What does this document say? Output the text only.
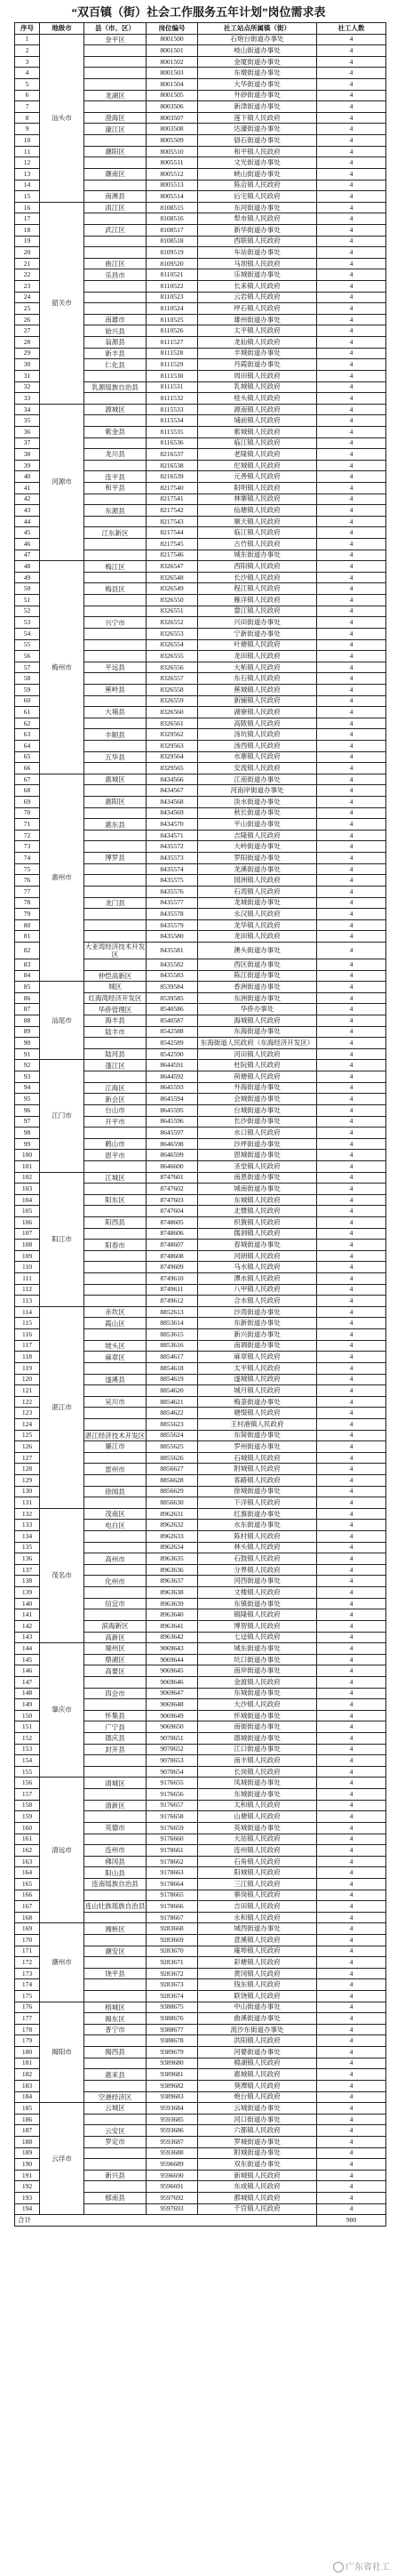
“双百镇（街）社会工作服务五年计划”岗位需求表
序号	地级市	县（市、区）	岗位编号	社工站点所属镇（街）	社工人数
1	汕头市	金平区	8001500	石炮台街道办事处	4
2			8001501	岐山街道办事处	4
3			8001502	金厦街道办事处	4
4			8001503	东墩街道办事处	4
5			8001504	大华街道办事处	4
6		龙湖区	8001505	外砂街道办事处	4
7			8003506	新津街道办事处	4
8		澄海区	8003507	莲下镇人民政府	4
9		濠江区	8003508	达濠街道办事处	4
10			8005509	礐石街道办事处	4
11		潮阳区	8005510	和平镇人民政府	4
12			8005511	文光街道办事处	4
13		潮南区	8005512	峡山街道办事处	4
14			8005513	陈店镇人民政府	4
15		南澳县	8005514	后宅镇人民政府	4
16	韶关市	浈江区	8108515	东河街道办事处	4
17			8108516	犁市镇人民政府	4
18		武江区	8108517	新华街道办事处	4
19			8108518	西联镇人民政府	4
20			8109519	车站街道办事处	4
21		曲江区	8109520	马坝镇人民政府	4
22		乐昌市	8110521	乐城街道办事处	4
23			8110522	长来镇人民政府	4
24			8110523	云岩镇人民政府	4
25			8110524	坪石镇人民政府	4
26		南雄市	8110525	雄州街道办事处	4
27		始兴县	8110526	太平镇人民政府	4
28		翁源县	8111527	龙仙镇人民政府	4
29		新丰县	8111528	丰城街道办事处	4
30		仁化县	8111529	丹霞街道办事处	4
31			8111530	周田镇人民政府	4
32		乳源瑶族自治县	8111531	乳城镇人民政府	4
33			8111532	桂头镇人民政府	4
34	河源市	源城区	8115533	源南镇人民政府	4
35			8115534	埔前镇人民政府	4
36		紫金县	8115535	紫城镇人民政府	4
37			8116536	临江镇人民政府	4
38		龙川县	8216537	老隆镇人民政府	4
39			8216538	佗城镇人民政府	4
40		连平县	8216539	元善镇人民政府	4
41		和平县	8217540	阳明镇人民政府	4
42			8217541	林寨镇人民政府	4
43		东源县	8217542	仙塘镇人民政府	4
44			8217543	顺天镇人民政府	4
45		江东新区	8217544	临江镇人民政府	4
46			8217545	古竹镇人民政府	4
47			8217546	城东街道办事处	4
48	梅州市	梅江区	8326547	西阳镇人民政府	4
49			8326548	长沙镇人民政府	4
50		梅县区	8326549	程江镇人民政府	4
51			8326550	雁洋镇人民政府	4
52			8326551	畲江镇人民政府	4
53		兴宁市	8326552	兴田街道办事处	4
54			8326553	宁新街道办事处	4
55			8326554	叶塘镇人民政府	4
56			8326555	龙田镇人民政府	4
57		平远县	8326556	大柘镇人民政府	4
58			8326557	东石镇人民政府	4
59		蕉岭县	8326558	蕉城镇人民政府	4
60			8326559	新铺镇人民政府	4
61		大埔县	8326560	湖寮镇人民政府	4
62			8326561	高陂镇人民政府	4
63		丰顺县	8329562	汤坑镇人民政府	4
64			8329563	汤西镇人民政府	4
65		五华县	8329564	水寨镇人民政府	4
66			8329565	安流镇人民政府	4
67	惠州市	惠城区	8434566	江南街道办事处	4
68			8434567	河南岸街道办事处	4
69		惠阳区	8434568	淡水街道办事处	4
70			8434569	秋长街道办事处	4
71		惠东县	8434570	平山街道办事处	4
72			8434571	吉隆镇人民政府	4
73			8435572	大岭街道办事处	4
74		博罗县	8435573	罗阳街道办事处	4
75			8435574	龙溪街道办事处	4
76			8435575	园洲镇人民政府	4
77			8435576	石湾镇人民政府	4
78		龙门县	8435577	龙城街道办事处	4
79			8435578	永汉镇人民政府	4
80			8435579	龙华镇人民政府	4
81			8435580	龙田镇人民政府	4
82		大亚湾经济技术开发区	8435581	澳头街道办事处	4
83			8435582	西区街道办事处	4
84		仲恺高新区	8435583	陈江街道办事处	4
85	汕尾市	城区	8539584	香洲街道办事处	4
86		红海湾经济开发区	8539585	东洲街道办事处	4
87		华侨管理区	8540586	华侨办事处	4
88		海丰县	8540587	海城镇人民政府	4
89		陆丰市	8542588	东海街道办事处	4
90			8542589	东海街道人民政府（东海经济开发区）	4
91		陆河县	8542590	河田镇人民政府	4
92	江门市	蓬江区	8644591	杜阮镇人民政府	4
93			8644592	荷塘镇人民政府	4
94		江海区	8645593	外海街道办事处	4
95		新会区	8645594	会城街道办事处	4
96		台山市	8645595	台城街道办事处	4
97		开平市	8645596	长沙街道办事处	4
98			8645597	水口镇人民政府	4
99		鹤山市	8646598	沙坪街道办事处	4
100		恩平市	8646599	恩城街道办事处	4
101			8646600	圣堂镇人民政府	4
102	阳江市	江城区	8747601	南恩街道办事处	4
103			8747602	城南街道办事处	4
104		阳东区	8747603	东城镇人民政府	4
105			8747604	北惯镇人民政府	4
106		阳西县	8748605	织篢镇人民政府	4
107			8748606	儒洞镇人民政府	4
108		阳春市	8748607	春城街道办事处	4
109			8748608	河朗镇人民政府	4
110			8749609	马水镇人民政府	4
111			8749610	潭水镇人民政府	4
112			8749611	八甲镇人民政府	4
113			8749612	合水镇人民政府	4
114	湛江市	赤坎区	8852613	沙湾街道办事处	4
115		霞山区	8853614	东新街道办事处	4
116			8853615	新兴街道办事处	4
117		坡头区	8853616	南调街道办事处	4
118		麻章区	8854617	麻章镇人民政府	4
119			8854618	太平镇人民政府	4
120		遂溪县	8854619	遂城镇人民政府	4
121			8854620	城月镇人民政府	4
122		吴川市	8854621	梅菉街道办事处	4
123			8854622	塘缀镇人民政府	4
124			8855623	王村港镇人民政府	4
125		湛江经济技术开发区	8855624	东简街道办事处	4
126		廉江市	8855625	罗州街道办事处	4
127			8855626	石城镇人民政府	4
128		雷州市	8856627	附城镇人民政府	4
129			8856628	客路镇人民政府	4
130		徐闻县	8856629	徐城街道办事处	4
131			8856630	下洋镇人民政府	4
132	茂名市	茂南区	8962631	红旗街道办事处	4
133		电白区	8962632	水东街道办事处	4
134			8962633	陈村镇人民政府	4
135			8962634	林头镇人民政府	4
136		高州市	8963635	石鼓镇人民政府	4
137			8963636	分界镇人民政府	4
138		化州市	8963637	河西街道办事处	4
139			8963638	文楼镇人民政府	4
140		信宜市	8963639	东镇街道办事处	4
141			8963640	镇隆镇人民政府	4
142		滨海新区	8963641	博贺镇人民政府	4
143		高新区	8963642	七迳镇人民政府	4
144	肇庆市	端州区	9069643	城东街道办事处	4
145		鼎湖区	9069644	坑口街道办事处	4
146		高要区	9069645	南岸街道办事处	4
147			9069646	金渡镇人民政府	4
148		四会市	9069647	东城街道办事处	4
149			9069648	大沙镇人民政府	4
150		怀集县	9069649	怀城街道办事处	4
151		广宁县	9069650	南街街道办事处	4
152		德庆县	9070651	德城街道办事处	4
153		封开县	9070652	江口街道办事处	4
154			9070653	南丰镇人民政府	4
155			9070654	长岗镇人民政府	4
156	清远市	清城区	9176655	凤城街道办事处	4
157			9176656	东城街道办事处	4
158		清新区	9176657	太和镇人民政府	4
159			9176658	山塘镇人民政府	4
160		英德市	9176659	英城街道办事处	4
161			9176660	大站镇人民政府	4
162		连州市	9178661	连州镇人民政府	4
163		佛冈县	9178662	石角镇人民政府	4
164		阳山县	9178663	阳城镇人民政府	4
165		连南瑶族自治县	9178664	三江镇人民政府	4
166			9178665	寨岗镇人民政府	4
167		连山壮族瑶族自治县	9178666	吉田镇人民政府	4
168			9178667	永和镇人民政府	4
169	潮州市	湘桥区	9283668	城西街道办事处	4
170			9283669	意溪镇人民政府	4
171		潮安区	9283670	庵埠镇人民政府	4
172			9283671	彩塘镇人民政府	4
173		饶平县	9283672	黄冈镇人民政府	4
174			9283673	钱东镇人民政府	4
175			9283674	联饶镇人民政府	4
176	揭阳市	榕城区	9388675	中山街道办事处	4
177		揭东区	9388676	曲溪街道办事处	4
178		普宁市	9388677	流沙东街道办事处	4
179			9388678	洪阳镇人民政府	4
180		揭西县	9389679	河婆街道办事处	4
181			9389680	棉湖镇人民政府	4
182		惠来县	9389681	惠城镇人民政府	4
183			9389682	葵潭镇人民政府	4
184		空港经济区	9389683	炮台镇人民政府	4
185	云浮市	云城区	9593684	云城街道办事处	4
186			9593685	河口街道办事处	4
187		云安区	9593686	六都镇人民政府	4
188		罗定市	9593687	罗城街道办事处	4
189			9593688	附城街道办事处	4
190			9596689	双东街道办事处	4
191		新兴县	9596690	新城镇人民政府	4
192			9596691	东成镇人民政府	4
193		郁南县	9597692	都城镇人民政府	4
194			9597693	千官镇人民政府	4
合计					900
广东省社工
